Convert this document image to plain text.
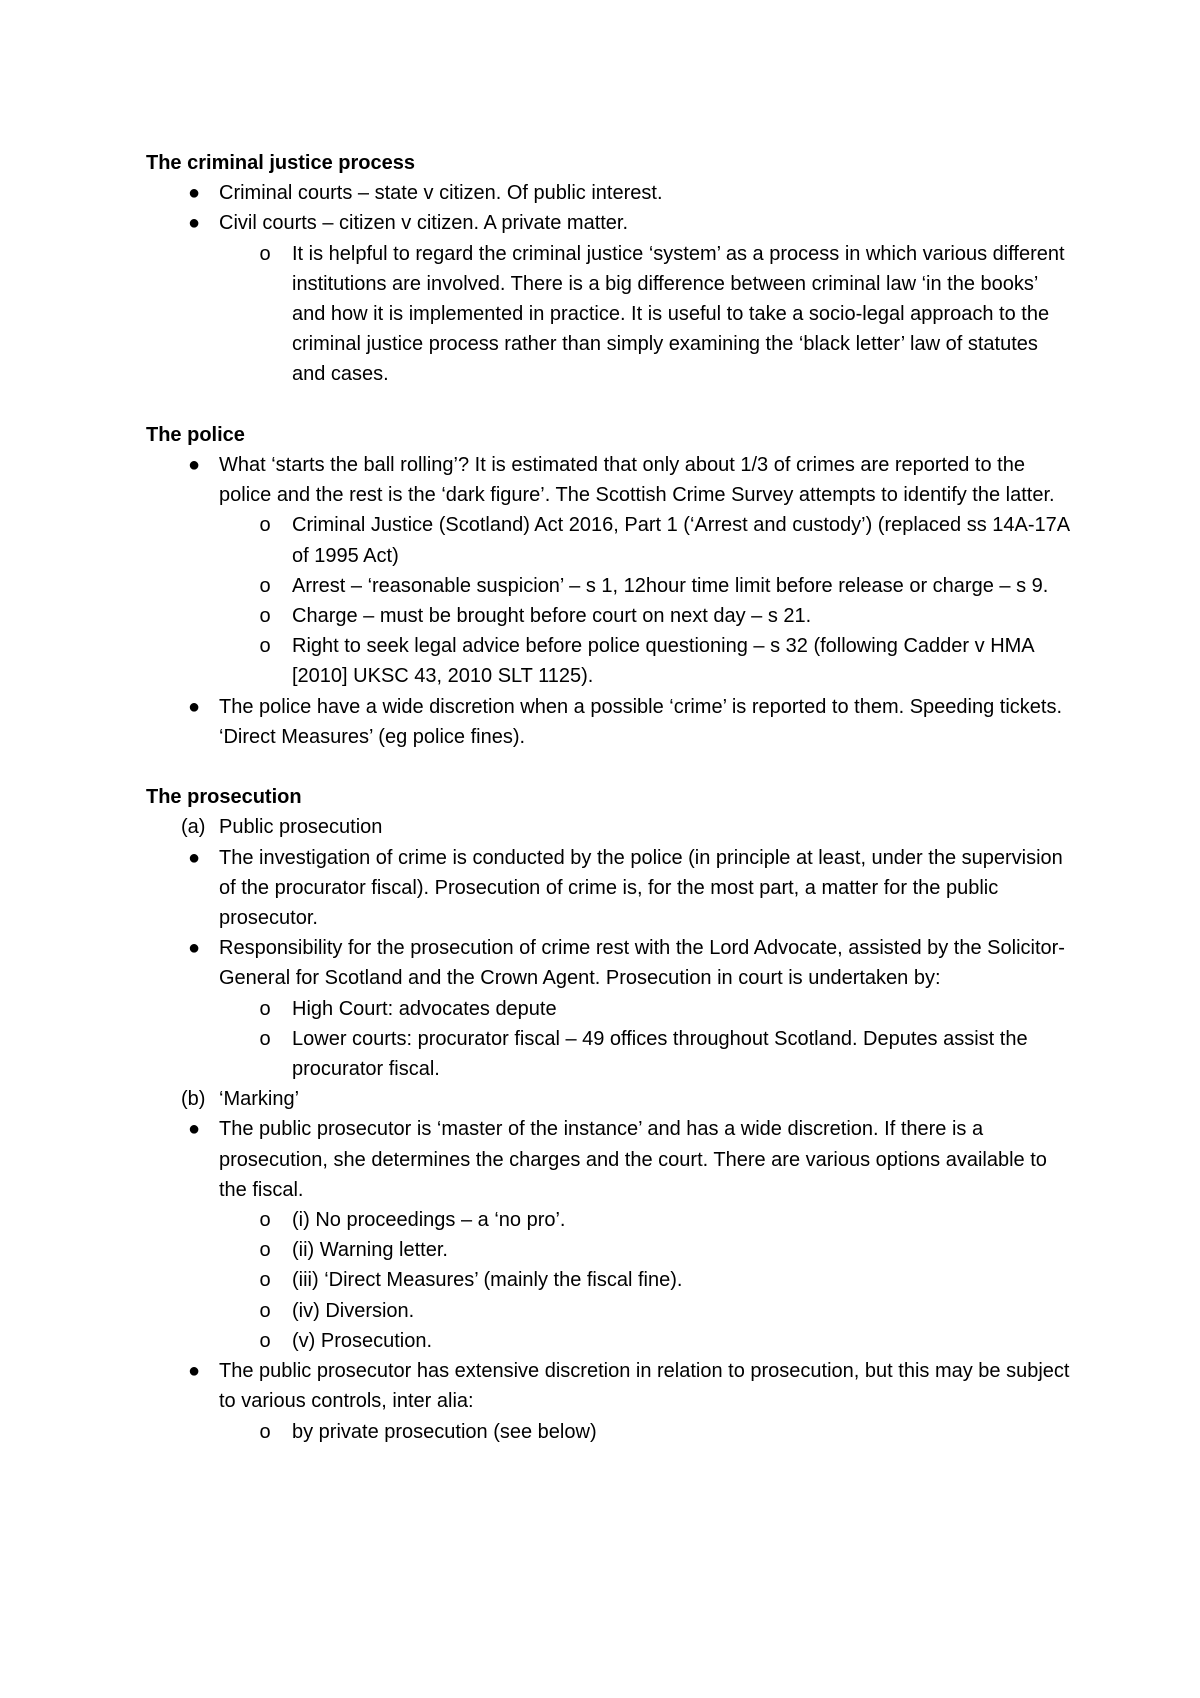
The criminal justice process
● Criminal courts – state v citizen. Of public interest.
● Civil courts – citizen v citizen. A private matter.
o It is helpful to regard the criminal justice ‘system’ as a process in which various different institutions are involved. There is a big difference between criminal law ‘in the books’ and how it is implemented in practice. It is useful to take a socio-legal approach to the criminal justice process rather than simply examining the ‘black letter’ law of statutes and cases.
The police
● What ‘starts the ball rolling’? It is estimated that only about 1/3 of crimes are reported to the police and the rest is the ‘dark figure’. The Scottish Crime Survey attempts to identify the latter.
o Criminal Justice (Scotland) Act 2016, Part 1 (‘Arrest and custody’) (replaced ss 14A-17A of 1995 Act)
o Arrest – ‘reasonable suspicion’ – s 1, 12hour time limit before release or charge – s 9.
o Charge – must be brought before court on next day – s 21.
o Right to seek legal advice before police questioning – s 32 (following Cadder v HMA [2010] UKSC 43, 2010 SLT 1125).
● The police have a wide discretion when a possible ‘crime’ is reported to them. Speeding tickets. ‘Direct Measures’ (eg police fines).
The prosecution
(a) Public prosecution
● The investigation of crime is conducted by the police (in principle at least, under the supervision of the procurator fiscal). Prosecution of crime is, for the most part, a matter for the public prosecutor.
● Responsibility for the prosecution of crime rest with the Lord Advocate, assisted by the Solicitor-General for Scotland and the Crown Agent. Prosecution in court is undertaken by:
o High Court: advocates depute
o Lower courts: procurator fiscal – 49 offices throughout Scotland. Deputes assist the procurator fiscal.
(b) ‘Marking’
● The public prosecutor is ‘master of the instance’ and has a wide discretion. If there is a prosecution, she determines the charges and the court. There are various options available to the fiscal.
o (i) No proceedings – a ‘no pro’.
o (ii) Warning letter.
o (iii) ‘Direct Measures’ (mainly the fiscal fine).
o (iv) Diversion.
o (v) Prosecution.
● The public prosecutor has extensive discretion in relation to prosecution, but this may be subject to various controls, inter alia:
o by private prosecution (see below)
